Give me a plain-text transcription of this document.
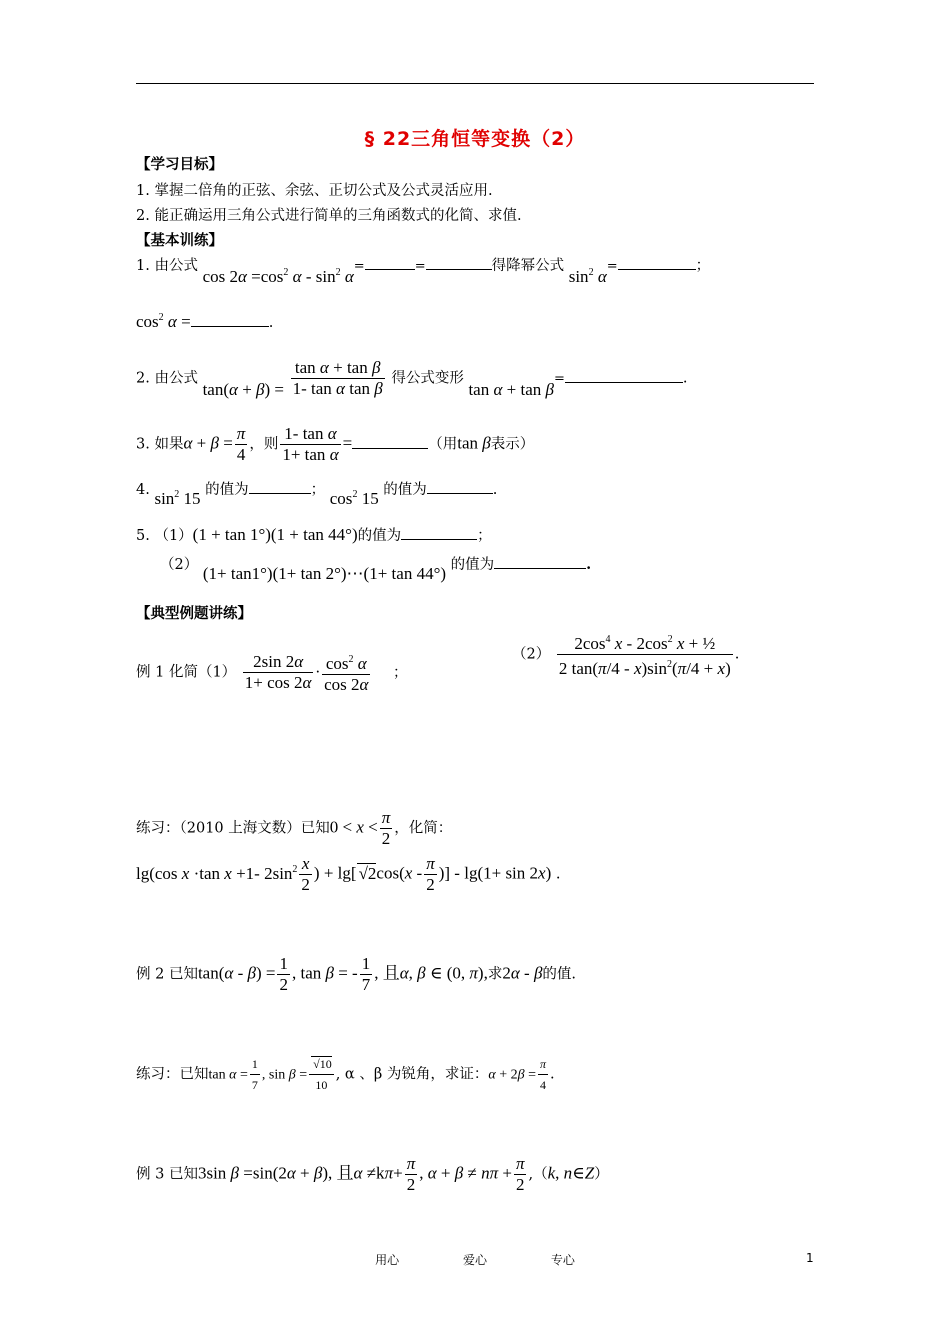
§ 22三角恒等变换（2）
【学习目标】
1. 掌握二倍角的正弦、余弦、正切公式及公式灵活应用.
2. 能正确运用三角公式进行简单的三角函数式的化简、求值.
【基本训练】
1. 由公式 $\cos 2\alpha =\cos^2$ $\alpha - \sin^2 \alpha=$	=	得降幂公式 $\sin^2 \alpha=$	；
$\cos^2 \alpha$ =	.
2. 由公式 $\tan(\alpha + \beta) = \frac{\text{tan α + tan β}}{\text{1- tan α tan β}}$ 得公式变形 tan α + tan β=	.
3. 如果$\alpha + \beta = \frac{\pi}{4}$ ，则 $\frac{\text{1- tan α}}{\text{1+ tan α}}$ =	（用tan β表示）
4. $\sin^2 15$ 的值为	； $\cos^2 15$ 的值为	.
5. （1）(1 + tan 1°)(1 + tan 44°)的值为	；
（2） (1+ tan1°)(1+ tan 2°)⋯(1+ tan 44°) 的值为	.
【典型例题讲练】
例 1 化简$(1) \frac{2\sin 2\alpha}{1+ \cos 2\alpha} \cdot \frac{\cos^2 \alpha}{\cos 2\alpha}$ ；
$(2) \frac{2\cos^4 x - 2\cos^2 x + \frac{1}{2}}{2 \tan(\pi/4 - x)\sin^2(\pi/4 + x)}$ .
练习：（2010 上海文数）已知$0 < x < \frac{\pi}{2}$ ，化简：
lg(cos x ·tan x +1- $2\sin^2 \frac{x}{2}$ ) + lg[ $√2\cos(x - \frac{\pi}{2}$ )] - lg(1+ sin 2x) .
例 2 已知$\tan(\alpha - \beta) = \frac{1}{2}$ , tan β = - $\frac{1}{7}$ , 且α, β ∈ (0, π),求2α - β的值.
练习：已知$\tan \alpha = \frac{1}{7}$ , $\sin \beta = \frac{√10}{10}$ , α 、β 为锐角，求证：$\alpha + 2\beta = \frac{\pi}{4}$ .
例 3 已知3sin β =sin(2α + β), 且$\alpha \ne k\pi+ \frac{\pi}{2}$ , $\alpha + \beta \ne n\pi + \frac{\pi}{2} ,(k$, n∈Z）
用心	爱心	专心	1
